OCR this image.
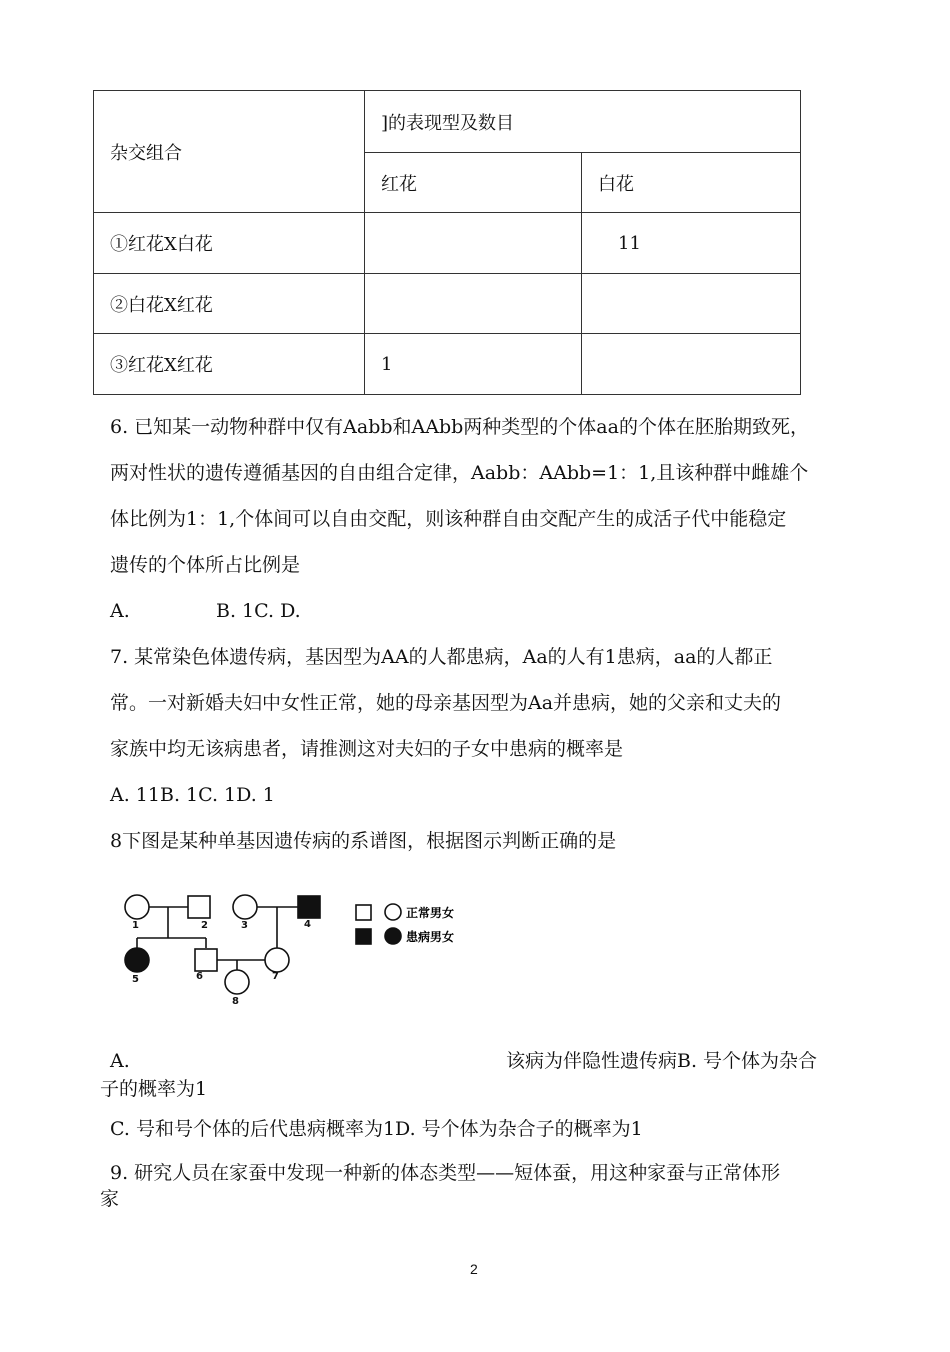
杂交组合	]的表现型及数目	
	红花	白花
①红花X白花		11
②白花X红花		
③红花X红花	1	
6. 已知某一动物种群中仅有Aabb和AAbb两种类型的个体aa的个体在胚胎期致死，
两对性状的遗传遵循基因的自由组合定律，Aabb：AAbb=1：1,且该种群中雌雄个
体比例为1：1,个体间可以自由交配，则该种群自由交配产生的成活子代中能稳定
遗传的个体所占比例是
A.	B. 1C. D.
7. 某常染色体遗传病，基因型为AA的人都患病，Aa的人有1患病，aa的人都正
常。一对新婚夫妇中女性正常，她的母亲基因型为Aa并患病，她的父亲和丈夫的
家族中均无该病患者，请推测这对夫妇的子女中患病的概率是
A. 11B. 1C. 1D. 1
8下图是某种单基因遗传病的系谱图，根据图示判断正确的是
1	2	3	4
5	6	7
8
正常男女
患病男女
A.	该病为伴隐性遗传病B. 号个体为杂合
子的概率为1
C. 号和号个体的后代患病概率为1D. 号个体为杂合子的概率为1
9. 研究人员在家蚕中发现一种新的体态类型——短体蚕，用这种家蚕与正常体形
家
2
